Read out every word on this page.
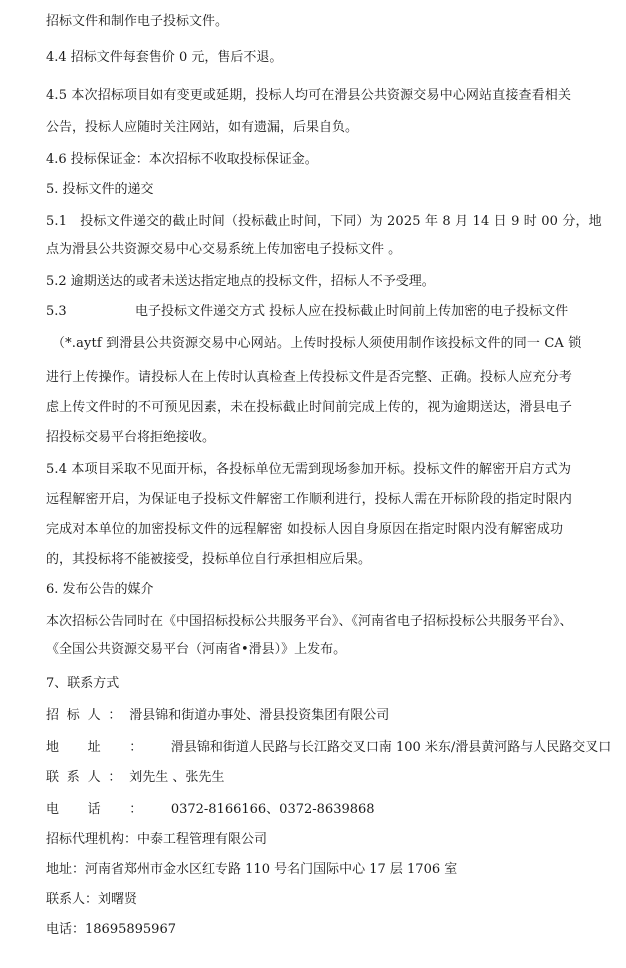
招标文件和制作电子投标文件。
4.4 招标文件每套售价 0 元，售后不退。
4.5 本次招标项目如有变更或延期，投标人均可在滑县公共资源交易中心网站直接查看相关
公告，投标人应随时关注网站，如有遗漏，后果自负。
4.6 投标保证金：本次招标不收取投标保证金。
5. 投标文件的递交
5.1　投标文件递交的截止时间（投标截止时间，下同）为 2025 年 8 月 14 日 9 时 00 分，地
点为滑县公共资源交易中心交易系统上传加密电子投标文件 。
5.2 逾期送达的或者未送达指定地点的投标文件，招标人不予受理。
5.3	电子投标文件递交方式 投标人应在投标截止时间前上传加密的电子投标文件
（*.aytf 到滑县公共资源交易中心网站。上传时投标人须使用制作该投标文件的同一 CA 锁
进行上传操作。请投标人在上传时认真检查上传投标文件是否完整、正确。投标人应充分考
虑上传文件时的不可预见因素，未在投标截止时间前完成上传的，视为逾期送达，滑县电子
招投标交易平台将拒绝接收。
5.4 本项目采取不见面开标，各投标单位无需到现场参加开标。投标文件的解密开启方式为
远程解密开启，为保证电子投标文件解密工作顺利进行，投标人需在开标阶段的指定时限内
完成对本单位的加密投标文件的远程解密 如投标人因自身原因在指定时限内没有解密成功
的，其投标将不能被接受，投标单位自行承担相应后果。
6. 发布公告的媒介
本次招标公告同时在《中国招标投标公共服务平台》、《河南省电子招标投标公共服务平台》、
《全国公共资源交易平台（河南省•滑县）》上发布。
7、联系方式
招标人：滑县锦和街道办事处、滑县投资集团有限公司
地址：滑县锦和街道人民路与长江路交叉口南 100 米东/滑县黄河路与人民路交叉口
联系人：刘先生 、张先生
电话：0372-8166166、0372-8639868
招标代理机构：中泰工程管理有限公司
地址：河南省郑州市金水区红专路 110 号名门国际中心 17 层 1706 室
联系人：刘曙贤
电话：18695895967
